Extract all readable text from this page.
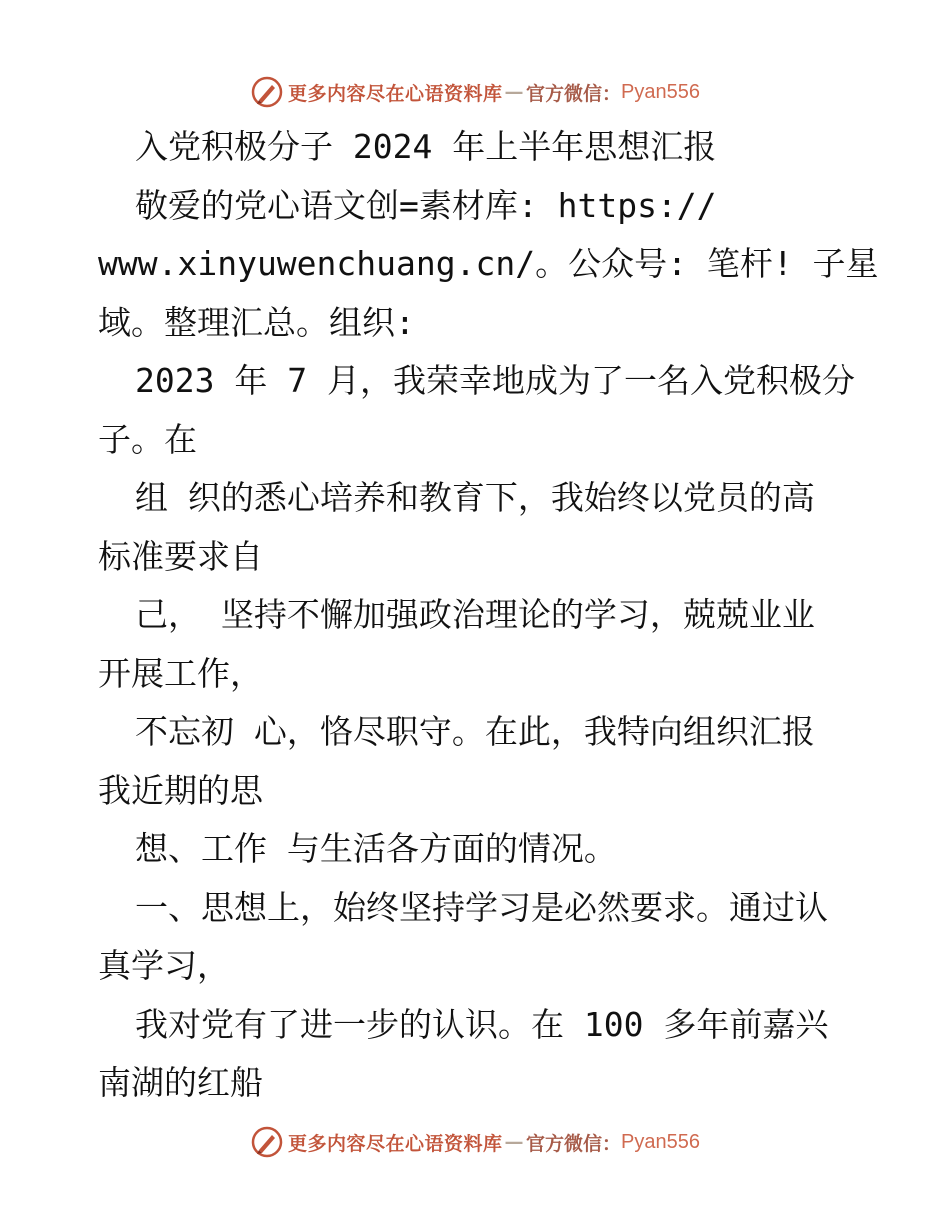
更多内容尽在心语资料库 — 官方微信： Pyan556
入党积极分子 2024 年上半年思想汇报
敬爱的党心语文创=素材库: https://
www.xinyuwenchuang.cn/。公众号: 笔杆! 子星
域。整理汇总。组织:
2023 年 7 月，我荣幸地成为了一名入党积极分
子。在
组 织的悉心培养和教育下，我始终以党员的高
标准要求自
己， 坚持不懈加强政治理论的学习，兢兢业业
开展工作，
不忘初 心，恪尽职守。在此，我特向组织汇报
我近期的思
想、工作 与生活各方面的情况。
一、思想上，始终坚持学习是必然要求。通过认
真学习，
我对党有了进一步的认识。在 100 多年前嘉兴
南湖的红船
更多内容尽在心语资料库 — 官方微信： Pyan556
